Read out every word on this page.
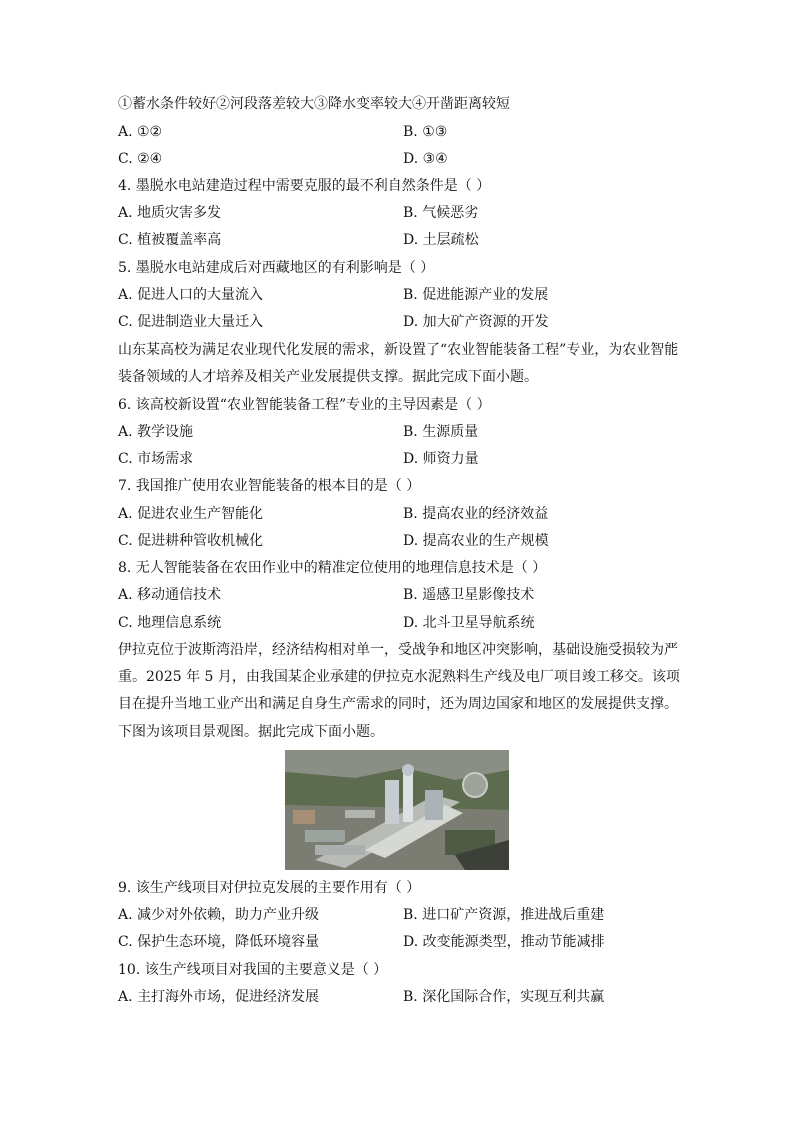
①蓄水条件较好②河段落差较大③降水变率较大④开凿距离较短
A. ①②	B. ①③
C. ②④	D. ③④
4. 墨脱水电站建造过程中需要克服的最不利自然条件是（ ）
A. 地质灾害多发	B. 气候恶劣
C. 植被覆盖率高	D. 土层疏松
5. 墨脱水电站建成后对西藏地区的有利影响是（ ）
A. 促进人口的大量流入	B. 促进能源产业的发展
C. 促进制造业大量迁入	D. 加大矿产资源的开发
山东某高校为满足农业现代化发展的需求，新设置了“农业智能装备工程”专业，为农业智能
装备领域的人才培养及相关产业发展提供支撑。据此完成下面小题。
6. 该高校新设置“农业智能装备工程”专业的主导因素是（ ）
A. 教学设施	B. 生源质量
C. 市场需求	D. 师资力量
7. 我国推广使用农业智能装备的根本目的是（ ）
A. 促进农业生产智能化	B. 提高农业的经济效益
C. 促进耕种管收机械化	D. 提高农业的生产规模
8. 无人智能装备在农田作业中的精准定位使用的地理信息技术是（ ）
A. 移动通信技术	B. 遥感卫星影像技术
C. 地理信息系统	D. 北斗卫星导航系统
伊拉克位于波斯湾沿岸，经济结构相对单一，受战争和地区冲突影响，基础设施受损较为严
重。2025 年 5 月，由我国某企业承建的伊拉克水泥熟料生产线及电厂项目竣工移交。该项
目在提升当地工业产出和满足自身生产需求的同时，还为周边国家和地区的发展提供支撑。
下图为该项目景观图。据此完成下面小题。
9. 该生产线项目对伊拉克发展的主要作用有（ ）
A. 减少对外依赖，助力产业升级	B. 进口矿产资源，推进战后重建
C. 保护生态环境，降低环境容量	D. 改变能源类型，推动节能减排
10. 该生产线项目对我国的主要意义是（ ）
A. 主打海外市场，促进经济发展	B. 深化国际合作，实现互利共赢
